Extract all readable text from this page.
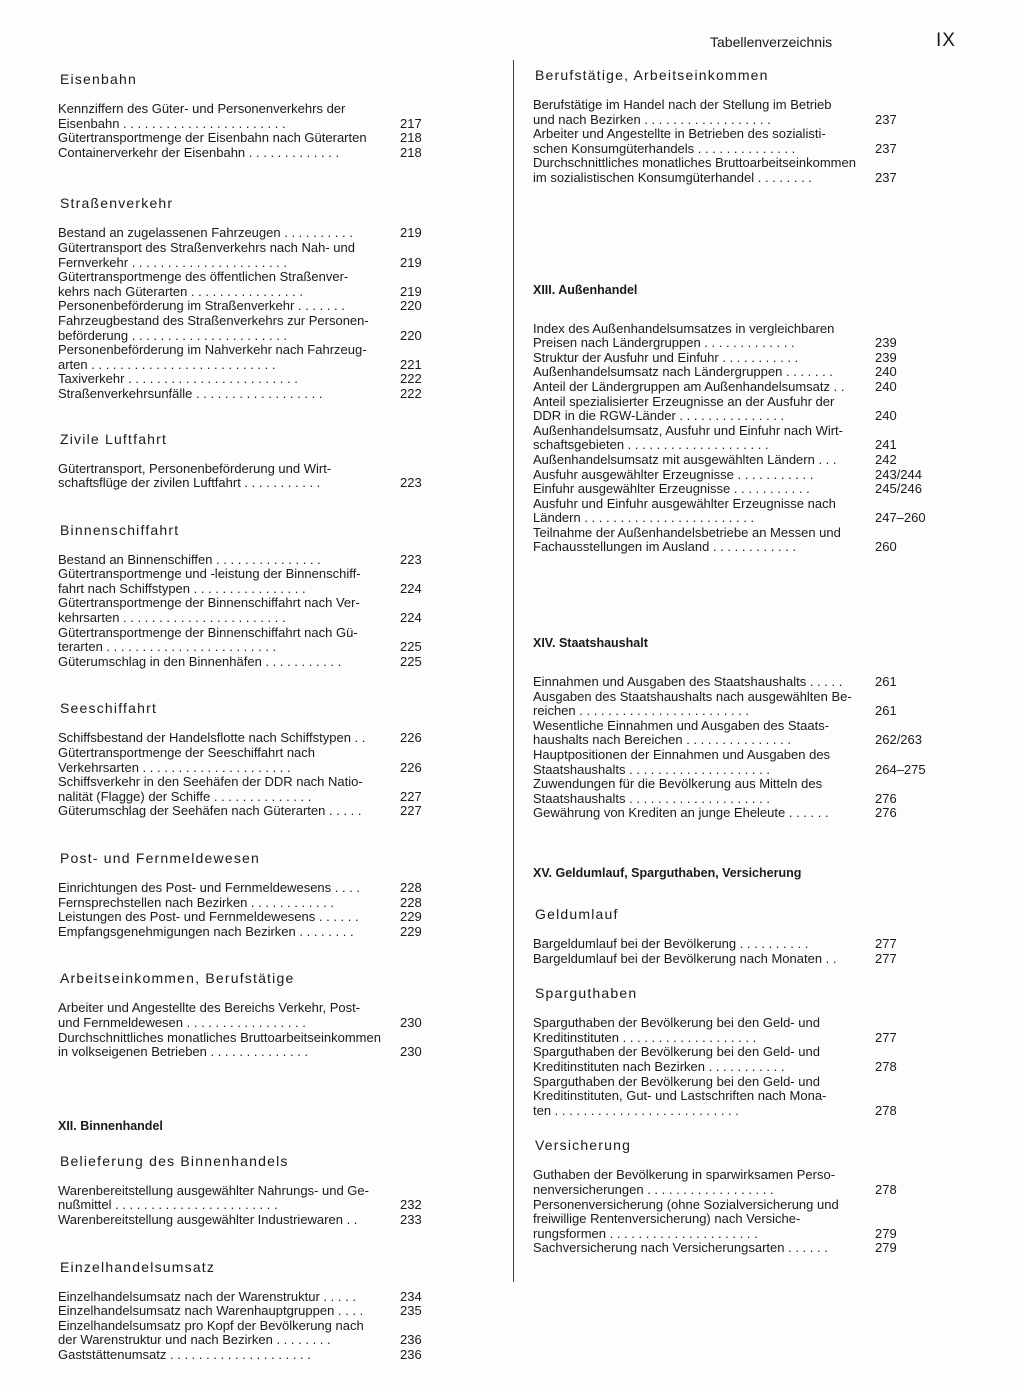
Tabellenverzeichnis	IX
Eisenbahn
Kennziffern des Güter- und Personenverkehrs der
Eisenbahn . . . . . . . . . . . . . . . . . . . . . . .	217
Gütertransportmenge der Eisenbahn nach Güterarten	218
Containerverkehr der Eisenbahn . . . . . . . . . . . . .	218
Straßenverkehr
Bestand an zugelassenen Fahrzeugen . . . . . . . . . .	219
Gütertransport des Straßenverkehrs nach Nah- und
Fernverkehr . . . . . . . . . . . . . . . . . . . . . .	219
Gütertransportmenge des öffentlichen Straßenver-
kehrs nach Güterarten . . . . . . . . . . . . . . . .	219
Personenbeförderung im Straßenverkehr . . . . . . .	220
Fahrzeugbestand des Straßenverkehrs zur Personen-
beförderung . . . . . . . . . . . . . . . . . . . . . .	220
Personenbeförderung im Nahverkehr nach Fahrzeug-
arten . . . . . . . . . . . . . . . . . . . . . . . . . .	221
Taxiverkehr . . . . . . . . . . . . . . . . . . . . . . . .	222
Straßenverkehrsunfälle . . . . . . . . . . . . . . . . . .	222
Zivile Luftfahrt
Gütertransport, Personenbeförderung und Wirt-
schaftsflüge der zivilen Luftfahrt . . . . . . . . . . .	223
Binnenschiffahrt
Bestand an Binnenschiffen . . . . . . . . . . . . . . .	223
Gütertransportmenge und -leistung der Binnenschiff-
fahrt nach Schiffstypen . . . . . . . . . . . . . . . .	224
Gütertransportmenge der Binnenschiffahrt nach Ver-
kehrsarten . . . . . . . . . . . . . . . . . . . . . . .	224
Gütertransportmenge der Binnenschiffahrt nach Gü-
terarten . . . . . . . . . . . . . . . . . . . . . . . .	225
Güterumschlag in den Binnenhäfen . . . . . . . . . . .	225
Seeschiffahrt
Schiffsbestand der Handelsflotte nach Schiffstypen . .	226
Gütertransportmenge der Seeschiffahrt nach
Verkehrsarten . . . . . . . . . . . . . . . . . . . . .	226
Schiffsverkehr in den Seehäfen der DDR nach Natio-
nalität (Flagge) der Schiffe . . . . . . . . . . . . . .	227
Güterumschlag der Seehäfen nach Güterarten . . . . .	227
Post- und Fernmeldewesen
Einrichtungen des Post- und Fernmeldewesens . . . .	228
Fernsprechstellen nach Bezirken . . . . . . . . . . . .	228
Leistungen des Post- und Fernmeldewesens . . . . . .	229
Empfangsgenehmigungen nach Bezirken . . . . . . . .	229
Arbeitseinkommen, Berufstätige
Arbeiter und Angestellte des Bereichs Verkehr, Post-
und Fernmeldewesen . . . . . . . . . . . . . . . . .	230
Durchschnittliches monatliches Bruttoarbeitseinkommen
in volkseigenen Betrieben . . . . . . . . . . . . . .	230
XII. Binnenhandel
Belieferung des Binnenhandels
Warenbereitstellung ausgewählter Nahrungs- und Ge-
nußmittel . . . . . . . . . . . . . . . . . . . . . . .	232
Warenbereitstellung ausgewählter Industriewaren . .	233
Einzelhandelsumsatz
Einzelhandelsumsatz nach der Warenstruktur . . . . .	234
Einzelhandelsumsatz nach Warenhauptgruppen . . . .	235
Einzelhandelsumsatz pro Kopf der Bevölkerung nach
der Warenstruktur und nach Bezirken . . . . . . . .	236
Gaststättenumsatz . . . . . . . . . . . . . . . . . . . .	236
Berufstätige, Arbeitseinkommen
Berufstätige im Handel nach der Stellung im Betrieb
und nach Bezirken . . . . . . . . . . . . . . . . . .	237
Arbeiter und Angestellte in Betrieben des sozialisti-
schen Konsumgüterhandels . . . . . . . . . . . . . .	237
Durchschnittliches monatliches Bruttoarbeitseinkommen
im sozialistischen Konsumgüterhandel . . . . . . . .	237
XIII. Außenhandel
Index des Außenhandelsumsatzes in vergleichbaren
Preisen nach Ländergruppen . . . . . . . . . . . . .	239
Struktur der Ausfuhr und Einfuhr . . . . . . . . . . .	239
Außenhandelsumsatz nach Ländergruppen . . . . . . .	240
Anteil der Ländergruppen am Außenhandelsumsatz . .	240
Anteil spezialisierter Erzeugnisse an der Ausfuhr der
DDR in die RGW-Länder . . . . . . . . . . . . . . .	240
Außenhandelsumsatz, Ausfuhr und Einfuhr nach Wirt-
schaftsgebieten . . . . . . . . . . . . . . . . . . . .	241
Außenhandelsumsatz mit ausgewählten Ländern . . .	242
Ausfuhr ausgewählter Erzeugnisse . . . . . . . . . . .	243/244
Einfuhr ausgewählter Erzeugnisse . . . . . . . . . . .	245/246
Ausfuhr und Einfuhr ausgewählter Erzeugnisse nach
Ländern . . . . . . . . . . . . . . . . . . . . . . . .	247–260
Teilnahme der Außenhandelsbetriebe an Messen und
Fachausstellungen im Ausland . . . . . . . . . . . .	260
XIV. Staatshaushalt
Einnahmen und Ausgaben des Staatshaushalts . . . . .	261
Ausgaben des Staatshaushalts nach ausgewählten Be-
reichen . . . . . . . . . . . . . . . . . . . . . . . .	261
Wesentliche Einnahmen und Ausgaben des Staats-
haushalts nach Bereichen . . . . . . . . . . . . . . .	262/263
Hauptpositionen der Einnahmen und Ausgaben des
Staatshaushalts . . . . . . . . . . . . . . . . . . . .	264–275
Zuwendungen für die Bevölkerung aus Mitteln des
Staatshaushalts . . . . . . . . . . . . . . . . . . . .	276
Gewährung von Krediten an junge Eheleute . . . . . .	276
XV. Geldumlauf, Sparguthaben, Versicherung
Geldumlauf
Bargeldumlauf bei der Bevölkerung . . . . . . . . . .	277
Bargeldumlauf bei der Bevölkerung nach Monaten . .	277
Sparguthaben
Sparguthaben der Bevölkerung bei den Geld- und
Kreditinstituten . . . . . . . . . . . . . . . . . . .	277
Sparguthaben der Bevölkerung bei den Geld- und
Kreditinstituten nach Bezirken . . . . . . . . . . .	278
Sparguthaben der Bevölkerung bei den Geld- und
Kreditinstituten, Gut- und Lastschriften nach Mona-
ten . . . . . . . . . . . . . . . . . . . . . . . . . .	278
Versicherung
Guthaben der Bevölkerung in sparwirksamen Perso-
nenversicherungen . . . . . . . . . . . . . . . . . .	278
Personenversicherung (ohne Sozialversicherung und
freiwillige Rentenversicherung) nach Versiche-
rungsformen . . . . . . . . . . . . . . . . . . . . .	279
Sachversicherung nach Versicherungsarten . . . . . .	279
